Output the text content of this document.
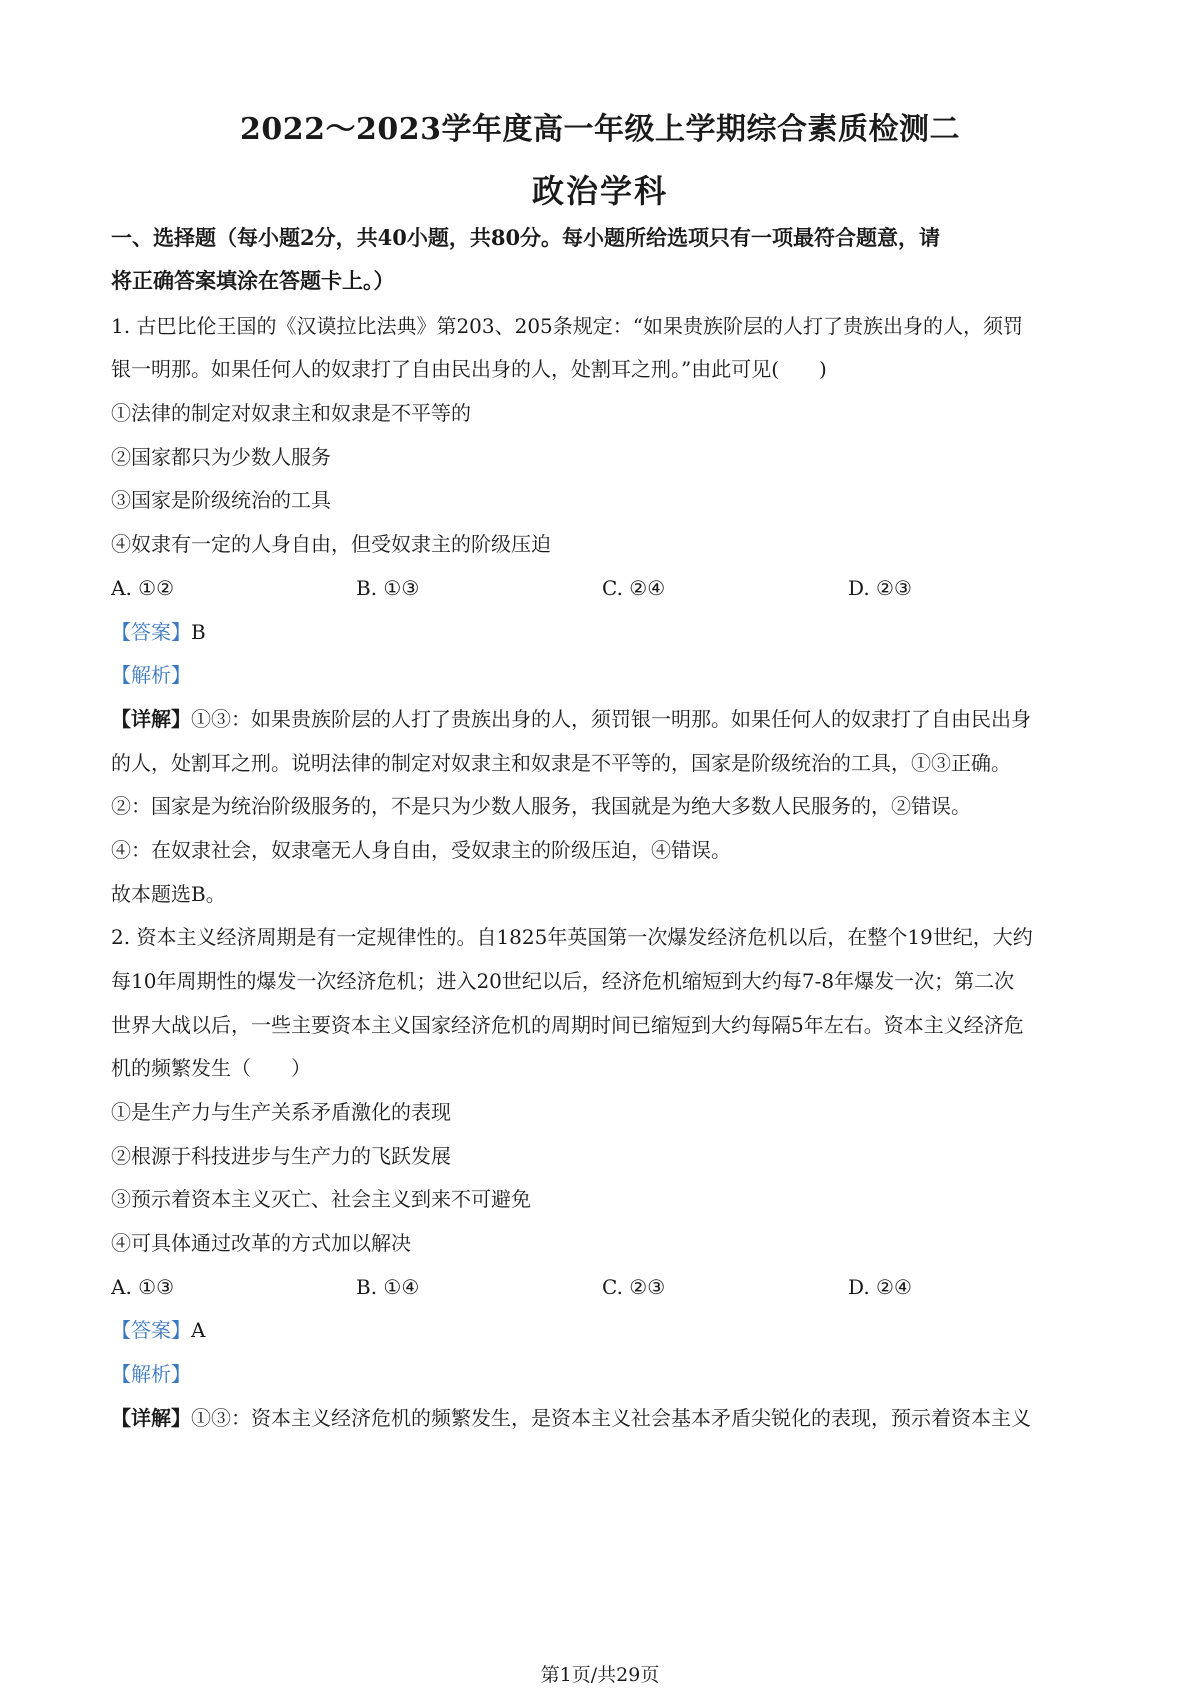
2022～2023学年度高一年级上学期综合素质检测二
政治学科
一、选择题（每小题2分，共40小题，共80分。每小题所给选项只有一项最符合题意，请
将正确答案填涂在答题卡上。）
1. 古巴比伦王国的《汉谟拉比法典》第203、205条规定：“如果贵族阶层的人打了贵族出身的人，须罚
银一明那。如果任何人的奴隶打了自由民出身的人，处割耳之刑。”由此可见(　　)
①法律的制定对奴隶主和奴隶是不平等的
②国家都只为少数人服务
③国家是阶级统治的工具
④奴隶有一定的人身自由，但受奴隶主的阶级压迫
A. ①②	B. ①③	C. ②④	D. ②③
【答案】B
【解析】
【详解】①③：如果贵族阶层的人打了贵族出身的人，须罚银一明那。如果任何人的奴隶打了自由民出身
的人，处割耳之刑。说明法律的制定对奴隶主和奴隶是不平等的，国家是阶级统治的工具，①③正确。
②：国家是为统治阶级服务的，不是只为少数人服务，我国就是为绝大多数人民服务的，②错误。
④：在奴隶社会，奴隶毫无人身自由，受奴隶主的阶级压迫，④错误。
故本题选B。
2. 资本主义经济周期是有一定规律性的。自1825年英国第一次爆发经济危机以后，在整个19世纪，大约
每10年周期性的爆发一次经济危机；进入20世纪以后，经济危机缩短到大约每7-8年爆发一次；第二次
世界大战以后，一些主要资本主义国家经济危机的周期时间已缩短到大约每隔5年左右。资本主义经济危
机的频繁发生（　　）
①是生产力与生产关系矛盾激化的表现
②根源于科技进步与生产力的飞跃发展
③预示着资本主义灭亡、社会主义到来不可避免
④可具体通过改革的方式加以解决
A. ①③	B. ①④	C. ②③	D. ②④
【答案】A
【解析】
【详解】①③：资本主义经济危机的频繁发生，是资本主义社会基本矛盾尖锐化的表现，预示着资本主义
第1页/共29页
